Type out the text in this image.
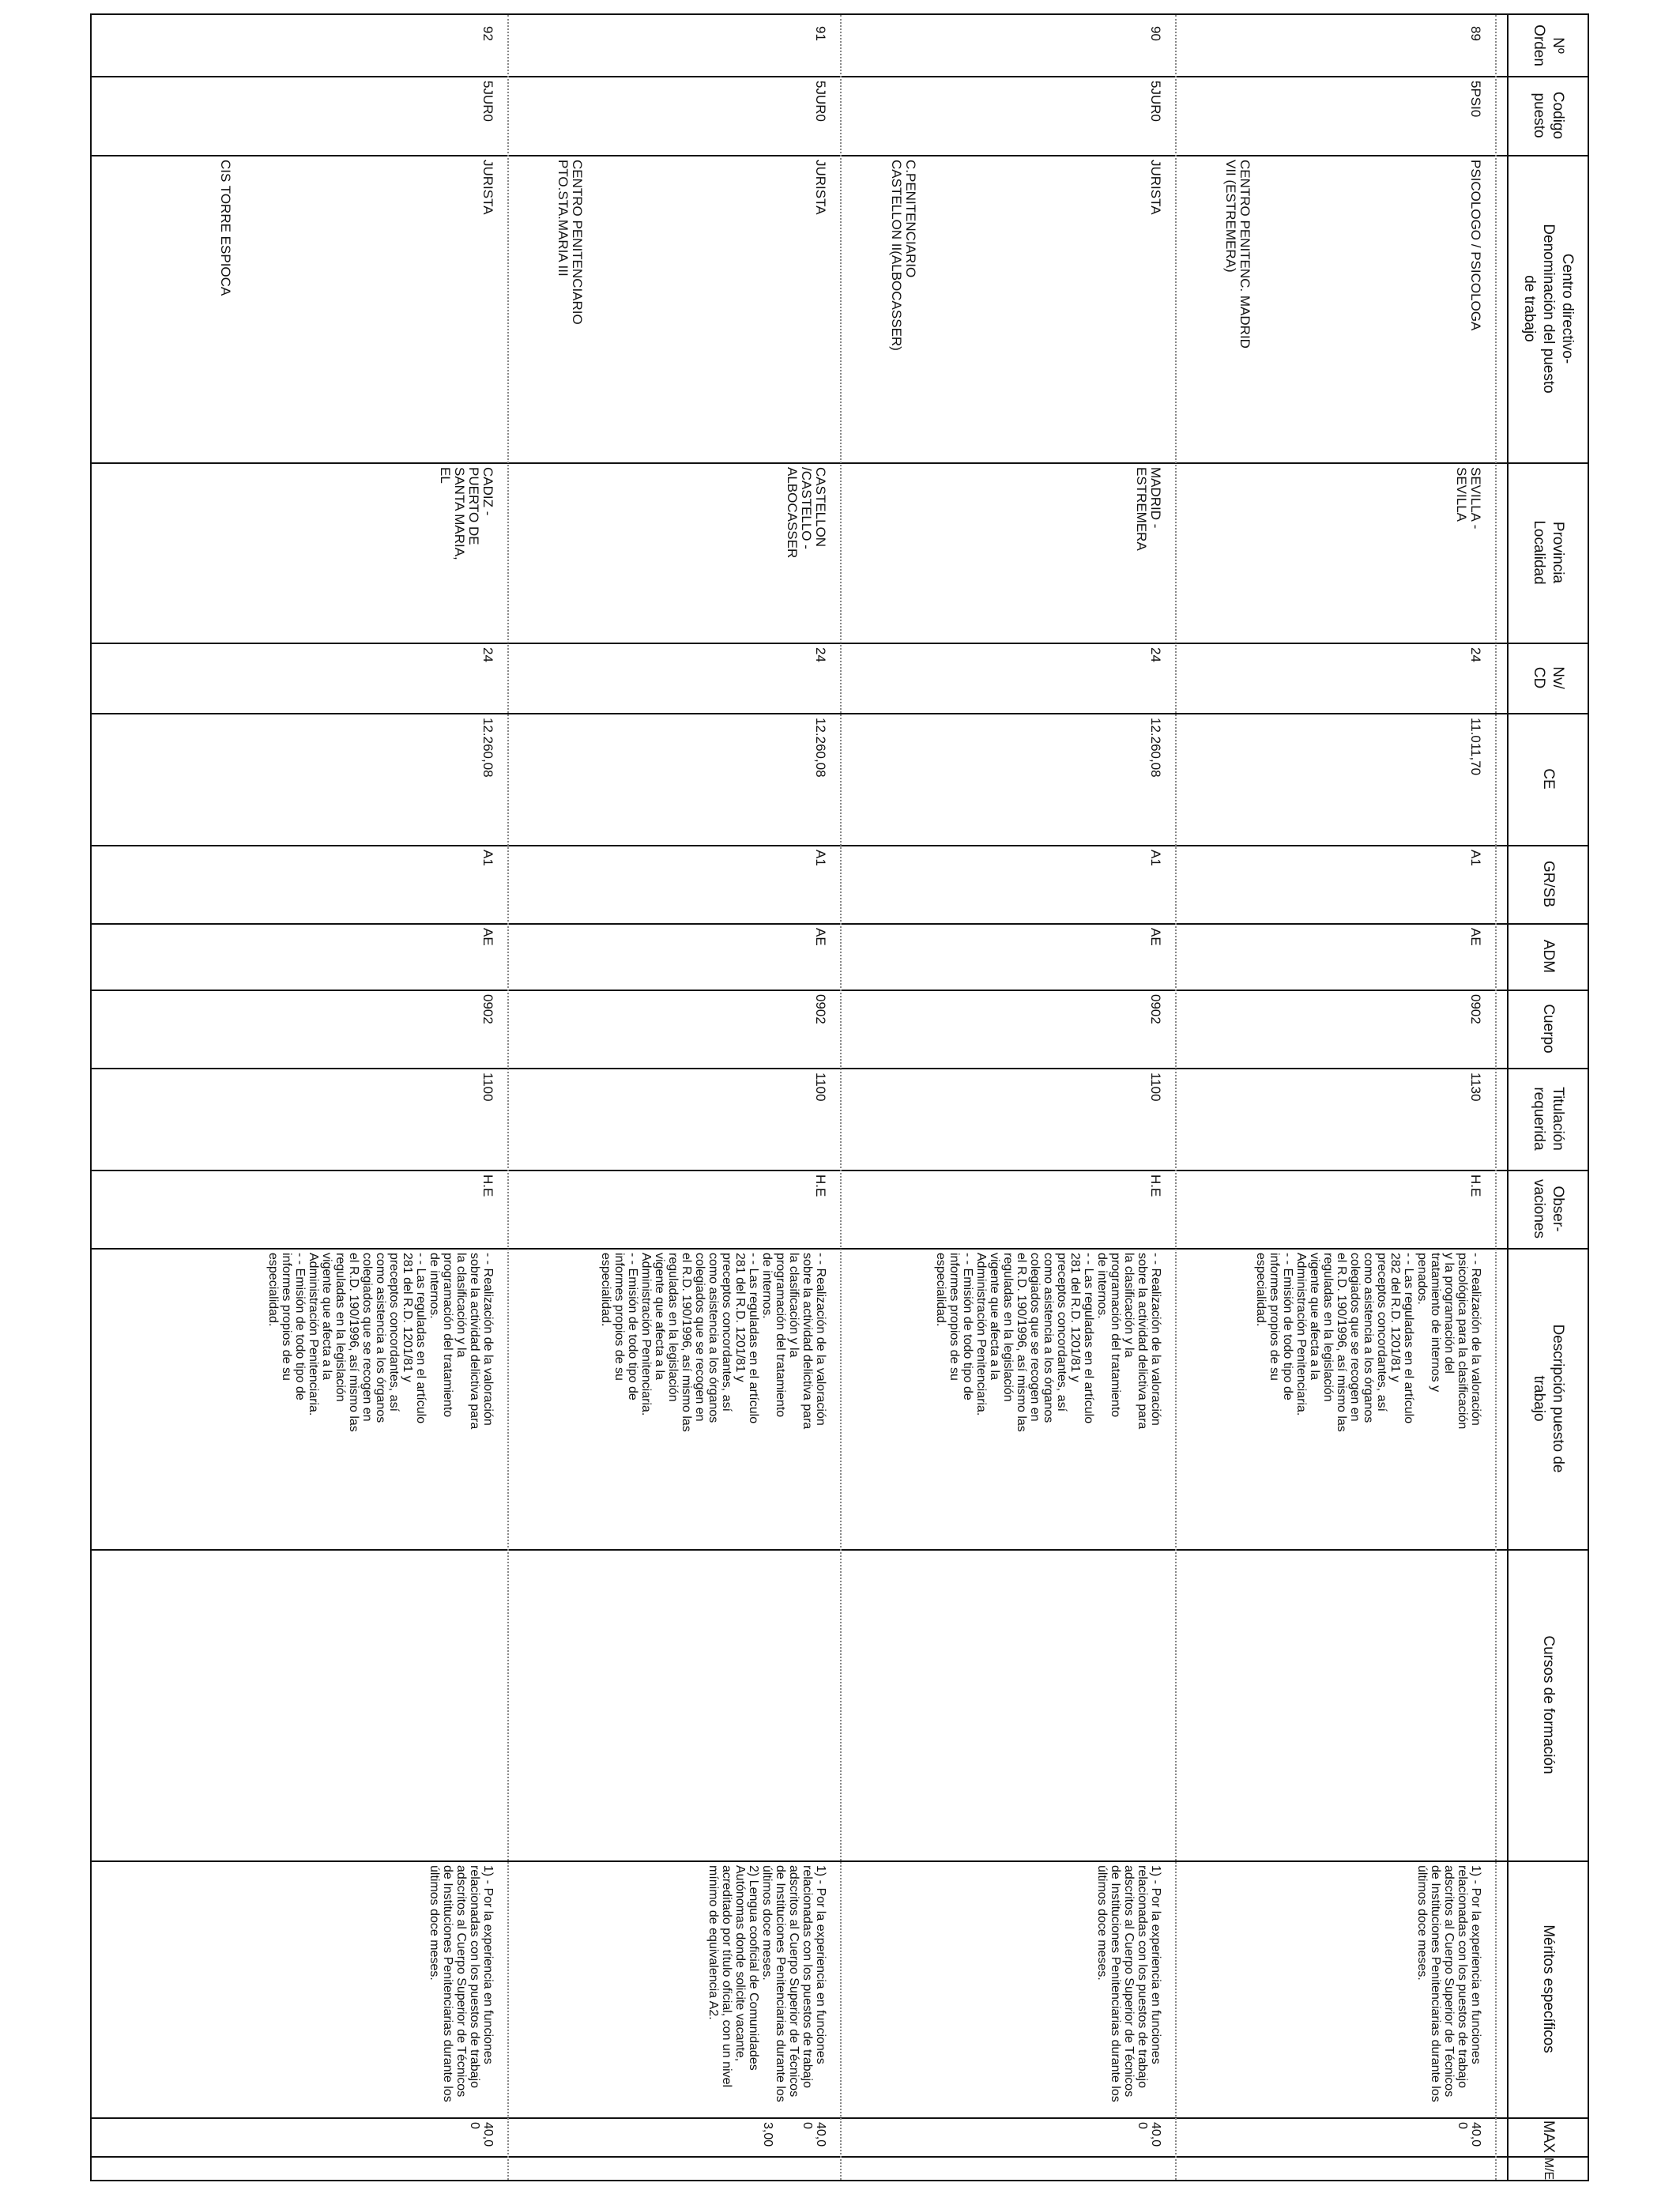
Nº
Orden
Codigo
puesto
Centro directivo-
Denominación del puesto
de trabajo
Provincia
Localidad
Nv/
CD
CE
GR/SB
ADM
Cuerpo
Titulación
requerida
Obser-
vaciones
Descripción puesto de
trabajo
Cursos de formación
Méritos específicos
MAX
M/E
89
5PSI0
PSICOLOGO / PSICOLOGA
SEVILLA -
SEVILLA
24
11.011,70
A1
AE
0902
1130
H.E
- - Realización de la valoración
psicológica para la clasificación
y la programación del
tratamiento de internos y
penados.
- - Las reguladas en el artículo
282 del R.D. 1201/81 y
preceptos concordantes, así
como asistencia a los órganos
colegiados que se recogen en
el R.D. 190/1996, así mismo las
reguladas en la legislación
vigente que afecta a la
Administración Penitenciaria.
- - Emisión de todo tipo de
informes propios de su
especialidad.
1) - Por la experiencia en funciones
relacionadas con los puestos de trabajo
adscritos al Cuerpo Superior de Técnicos
de Instituciones Penitenciarias durante los
últimos doce meses.
40,0
0
CENTRO PENITENC. MADRID
VII (ESTREMERA)
90
5JUR0
JURISTA
MADRID -
ESTREMERA
24
12.260,08
A1
AE
0902
1100
H.E
- - Realización de la valoración
sobre la actividad delictiva para
la clasificación y la
programación del tratamiento
de internos.
- - Las reguladas en el artículo
281 del R.D. 1201/81 y
preceptos concordantes, así
como asistencia a los órganos
colegiados que se recogen en
el R.D. 190/1996, así mismo las
reguladas en la legislación
vigente que afecta a la
Administración Penitenciaria.
- - Emisión de todo tipo de
informes propios de su
especialidad.
1) - Por la experiencia en funciones
relacionadas con los puestos de trabajo
adscritos al Cuerpo Superior de Técnicos
de Instituciones Penitenciarias durante los
últimos doce meses.
40,0
0
C.PENITENCIARIO
CASTELLON II(ALBOCASSER)
91
5JUR0
JURISTA
CASTELLON
/CASTELLO -
ALBOCASSER
24
12.260,08
A1
AE
0902
1100
H.E
- - Realización de la valoración
sobre la actividad delictiva para
la clasificación y la
programación del tratamiento
de internos.
- - Las reguladas en el artículo
281 del R.D. 1201/81 y
preceptos concordantes, así
como asistencia a los órganos
colegiados que se recogen en
el R.D. 190/1996, así mismo las
reguladas en la legislación
vigente que afecta a la
Administración Penitenciaria.
- - Emisión de todo tipo de
informes propios de su
especialidad.
1) - Por la experiencia en funciones
relacionadas con los puestos de trabajo
adscritos al Cuerpo Superior de Técnicos
de Instituciones Penitenciarias durante los
últimos doce meses.
2) Lengua cooficial de Comunidades
Autónomas donde solicite vacante,
acreditado por título oficial, con un nivel
mínimo de equivalencia A2.
40,0
0
3,00
CENTRO PENITENCIARIO
PTO.STA.MARIA III
92
5JUR0
JURISTA
CADIZ -
PUERTO DE
SANTA MARIA,
EL
24
12.260,08
A1
AE
0902
1100
H.E
- - Realización de la valoración
sobre la actividad delictiva para
la clasificación y la
programación del tratamiento
de internos.
- - Las reguladas en el artículo
281 del R.D. 1201/81 y
preceptos concordantes, así
como asistencia a los órganos
colegiados que se recogen en
el R.D. 190/1996, así mismo las
reguladas en la legislación
vigente que afecta a la
Administración Penitenciaria.
- - Emisión de todo tipo de
informes propios de su
especialidad.
1) - Por la experiencia en funciones
relacionadas con los puestos de trabajo
adscritos al Cuerpo Superior de Técnicos
de Instituciones Penitenciarias durante los
últimos doce meses.
40,0
0
CIS TORRE ESPIOCA
